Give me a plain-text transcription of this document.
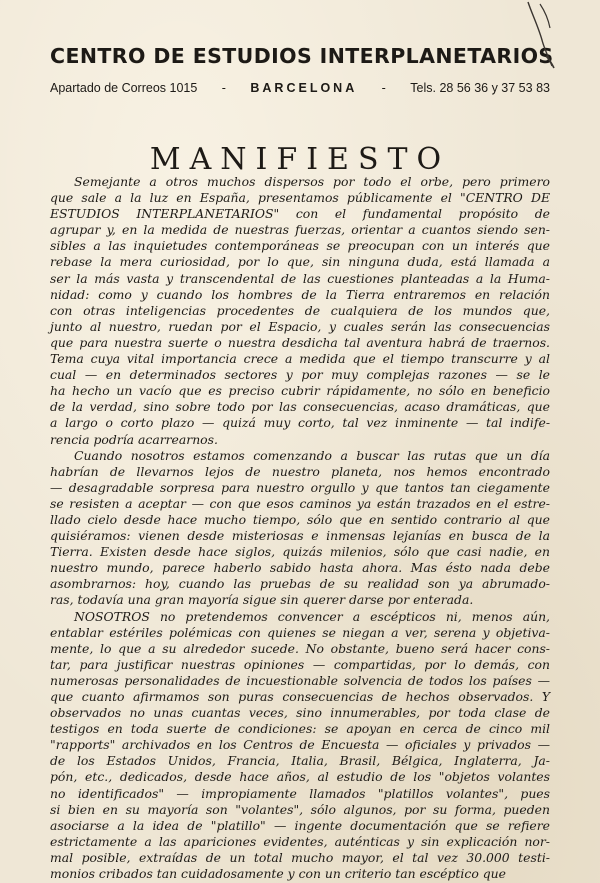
CENTRO DE ESTUDIOS INTERPLANETARIOS
Apartado de Correos 1015 - BARCELONA - Tels. 28 56 36 y 37 53 83
MANIFIESTO
Semejante a otros muchos dispersos por todo el orbe, pero primero
que sale a la luz en España, presentamos públicamente el "CENTRO DE
ESTUDIOS INTERPLANETARIOS" con el fundamental propósito de
agrupar y, en la medida de nuestras fuerzas, orientar a cuantos siendo sen-
sibles a las inquietudes contemporáneas se preocupan con un interés que
rebase la mera curiosidad, por lo que, sin ninguna duda, está llamada a
ser la más vasta y transcendental de las cuestiones planteadas a la Huma-
nidad: como y cuando los hombres de la Tierra entraremos en relación
con otras inteligencias procedentes de cualquiera de los mundos que,
junto al nuestro, ruedan por el Espacio, y cuales serán las consecuencias
que para nuestra suerte o nuestra desdicha tal aventura habrá de traernos.
Tema cuya vital importancia crece a medida que el tiempo transcurre y al
cual — en determinados sectores y por muy complejas razones — se le
ha hecho un vacío que es preciso cubrir rápidamente, no sólo en beneficio
de la verdad, sino sobre todo por las consecuencias, acaso dramáticas, que
a largo o corto plazo — quizá muy corto, tal vez inminente — tal indife-
rencia podría acarrearnos.
Cuando nosotros estamos comenzando a buscar las rutas que un día
habrían de llevarnos lejos de nuestro planeta, nos hemos encontrado
— desagradable sorpresa para nuestro orgullo y que tantos tan ciegamente
se resisten a aceptar — con que esos caminos ya están trazados en el estre-
llado cielo desde hace mucho tiempo, sólo que en sentido contrario al que
quisiéramos: vienen desde misteriosas e inmensas lejanías en busca de la
Tierra. Existen desde hace siglos, quizás milenios, sólo que casi nadie, en
nuestro mundo, parece haberlo sabido hasta ahora. Mas ésto nada debe
asombrarnos: hoy, cuando las pruebas de su realidad son ya abrumado-
ras, todavía una gran mayoría sigue sin querer darse por enterada.
NOSOTROS no pretendemos convencer a escépticos ni, menos aún,
entablar estériles polémicas con quienes se niegan a ver, serena y objetiva-
mente, lo que a su alrededor sucede. No obstante, bueno será hacer cons-
tar, para justificar nuestras opiniones — compartidas, por lo demás, con
numerosas personalidades de incuestionable solvencia de todos los países —
que cuanto afirmamos son puras consecuencias de hechos observados. Y
observados no unas cuantas veces, sino innumerables, por toda clase de
testigos en toda suerte de condiciones: se apoyan en cerca de cinco mil
"rapports" archivados en los Centros de Encuesta — oficiales y privados —
de los Estados Unidos, Francia, Italia, Brasil, Bélgica, Inglaterra, Ja-
pón, etc., dedicados, desde hace años, al estudio de los "objetos volantes
no identificados" — impropiamente llamados "platillos volantes", pues
si bien en su mayoría son "volantes", sólo algunos, por su forma, pueden
asociarse a la idea de "platillo" — ingente documentación que se refiere
estrictamente a las apariciones evidentes, auténticas y sin explicación nor-
mal posible, extraídas de un total mucho mayor, el tal vez 30.000 testi-
monios cribados tan cuidadosamente y con un criterio tan escéptico que
